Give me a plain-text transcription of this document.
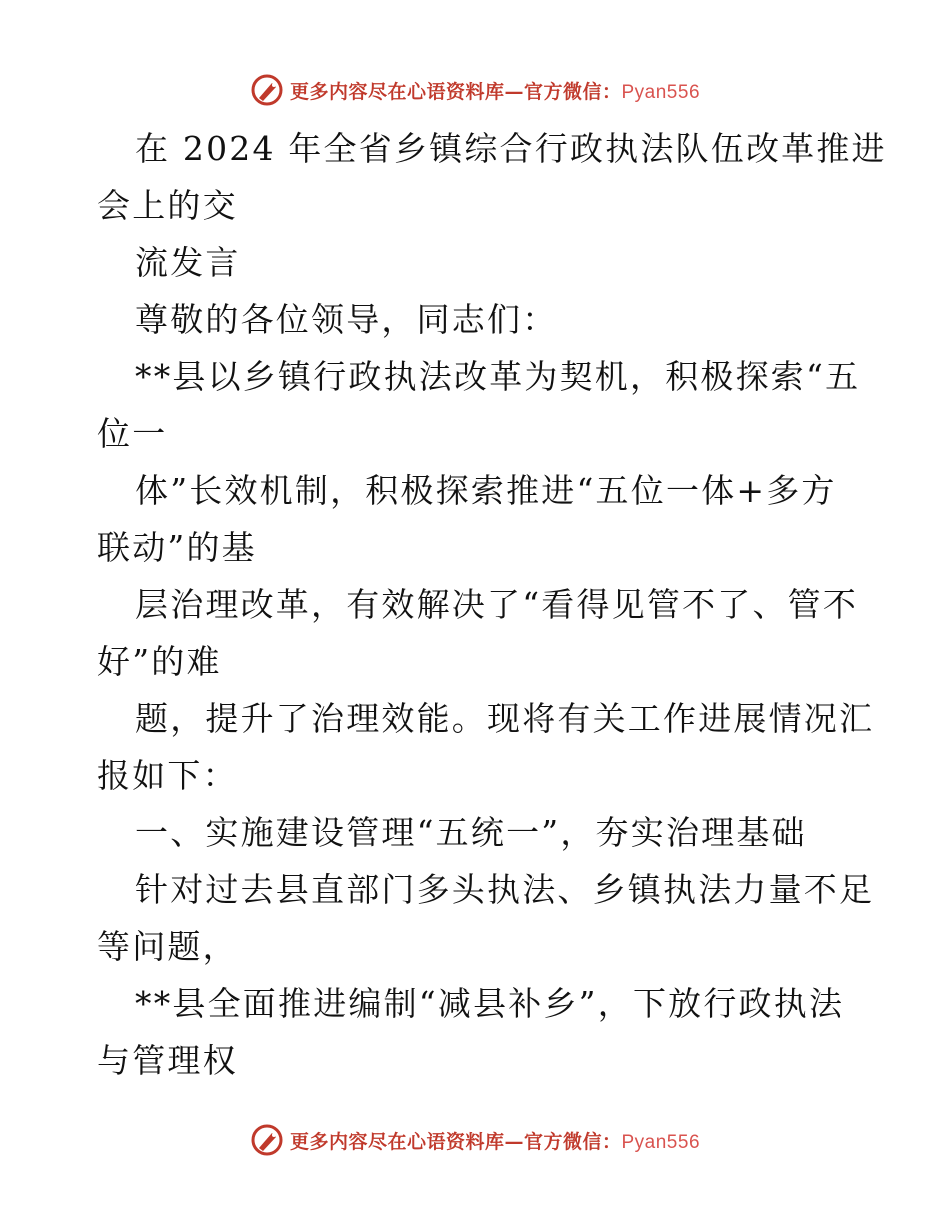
更多内容尽在心语资料库—官方微信：Pyan556
在 2024 年全省乡镇综合行政执法队伍改革推进
会上的交
流发言
尊敬的各位领导，同志们：
**县以乡镇行政执法改革为契机，积极探索“五
位一
体”长效机制，积极探索推进“五位一体+多方
联动”的基
层治理改革，有效解决了“看得见管不了、管不
好”的难
题，提升了治理效能。现将有关工作进展情况汇
报如下：
一、实施建设管理“五统一”，夯实治理基础
针对过去县直部门多头执法、乡镇执法力量不足
等问题，
**县全面推进编制“减县补乡”，下放行政执法
与管理权
更多内容尽在心语资料库—官方微信：Pyan556
